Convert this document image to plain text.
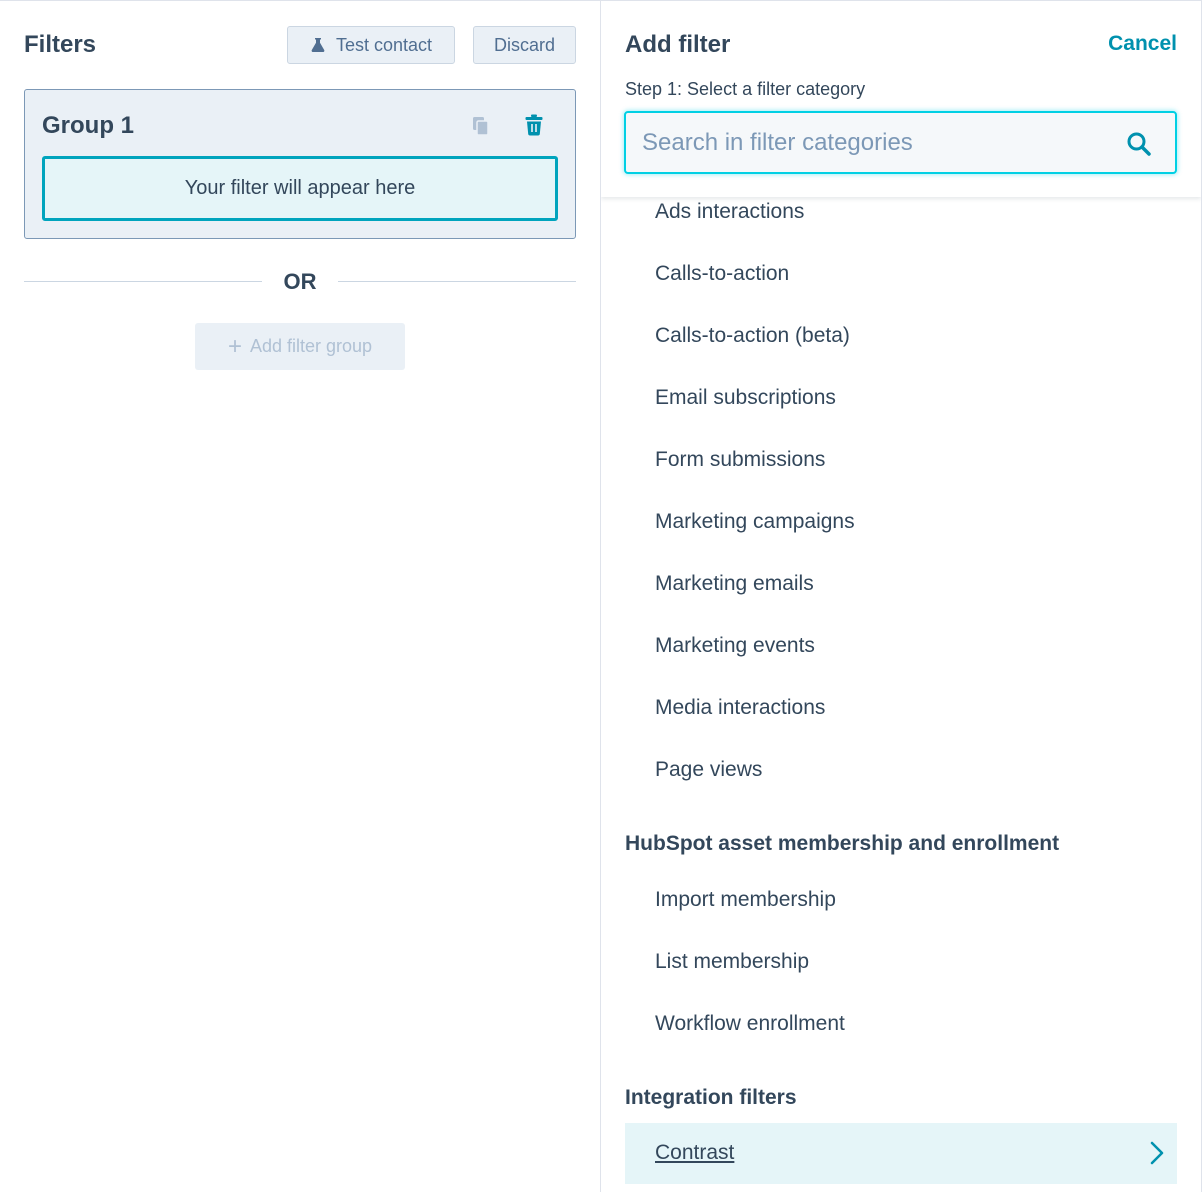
Filters	Test contact	Discard
Group 1
Your filter will appear here
OR
+ Add filter group
Add filter	Cancel
Step 1: Select a filter category
Search in filter categories
Ads interactions
Calls-to-action
Calls-to-action (beta)
Email subscriptions
Form submissions
Marketing campaigns
Marketing emails
Marketing events
Media interactions
Page views
HubSpot asset membership and enrollment
Import membership
List membership
Workflow enrollment
Integration filters
Contrast
